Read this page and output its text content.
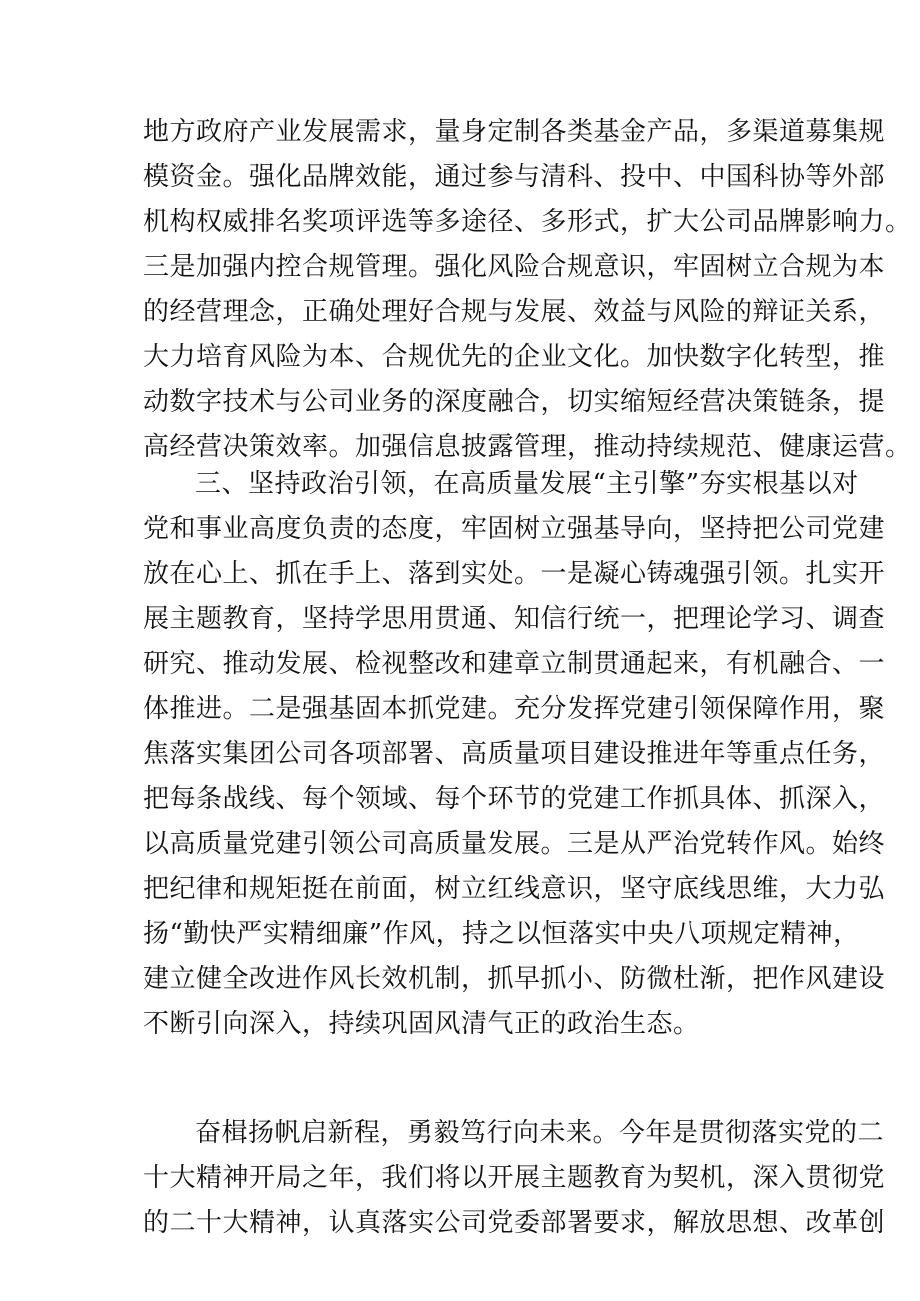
地方政府产业发展需求，量身定制各类基金产品，多渠道募集规
模资金。强化品牌效能，通过参与清科、投中、中国科协等外部
机构权威排名奖项评选等多途径、多形式，扩大公司品牌影响力。
三是加强内控合规管理。强化风险合规意识，牢固树立合规为本
的经营理念，正确处理好合规与发展、效益与风险的辩证关系，
大力培育风险为本、合规优先的企业文化。加快数字化转型，推
动数字技术与公司业务的深度融合，切实缩短经营决策链条，提
高经营决策效率。加强信息披露管理，推动持续规范、健康运营。
三、坚持政治引领，在高质量发展“主引擎”夯实根基以对
党和事业高度负责的态度，牢固树立强基导向，坚持把公司党建
放在心上、抓在手上、落到实处。一是凝心铸魂强引领。扎实开
展主题教育，坚持学思用贯通、知信行统一，把理论学习、调查
研究、推动发展、检视整改和建章立制贯通起来，有机融合、一
体推进。二是强基固本抓党建。充分发挥党建引领保障作用，聚
焦落实集团公司各项部署、高质量项目建设推进年等重点任务，
把每条战线、每个领域、每个环节的党建工作抓具体、抓深入，
以高质量党建引领公司高质量发展。三是从严治党转作风。始终
把纪律和规矩挺在前面，树立红线意识，坚守底线思维，大力弘
扬“勤快严实精细廉”作风，持之以恒落实中央八项规定精神，
建立健全改进作风长效机制，抓早抓小、防微杜渐，把作风建设
不断引向深入，持续巩固风清气正的政治生态。
奋楫扬帆启新程，勇毅笃行向未来。今年是贯彻落实党的二
十大精神开局之年，我们将以开展主题教育为契机，深入贯彻党
的二十大精神，认真落实公司党委部署要求，解放思想、改革创
